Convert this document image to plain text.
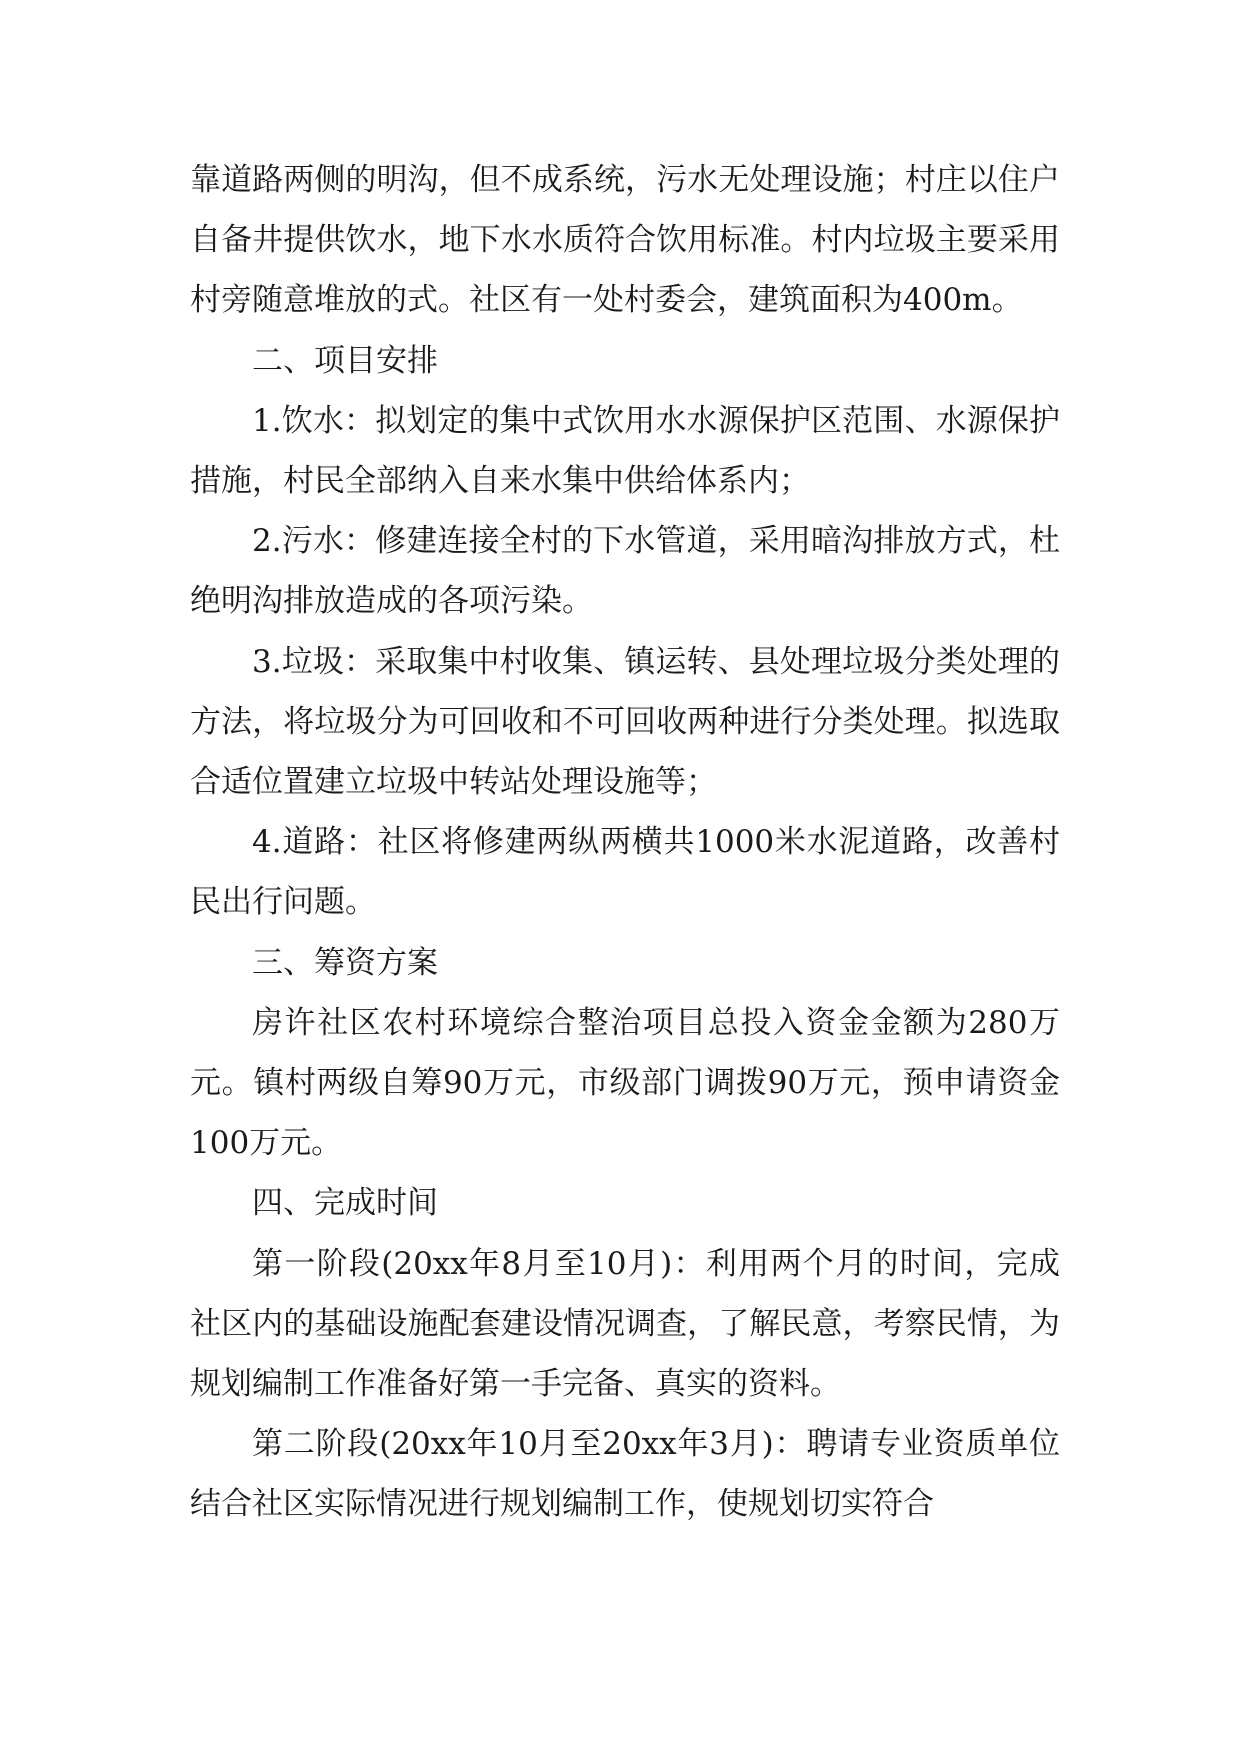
靠道路两侧的明沟，但不成系统，污水无处理设施；村庄以住户自备井提供饮水，地下水水质符合饮用标准。村内垃圾主要采用村旁随意堆放的式。社区有一处村委会，建筑面积为400m。

二、项目安排

1.饮水：拟划定的集中式饮用水水源保护区范围、水源保护措施，村民全部纳入自来水集中供给体系内；

2.污水：修建连接全村的下水管道，采用暗沟排放方式，杜绝明沟排放造成的各项污染。

3.垃圾：采取集中村收集、镇运转、县处理垃圾分类处理的方法，将垃圾分为可回收和不可回收两种进行分类处理。拟选取合适位置建立垃圾中转站处理设施等；

4.道路：社区将修建两纵两横共1000米水泥道路，改善村民出行问题。

三、筹资方案

房许社区农村环境综合整治项目总投入资金金额为280万元。镇村两级自筹90万元，市级部门调拨90万元，预申请资金100万元。

四、完成时间

第一阶段(20xx年8月至10月)：利用两个月的时间，完成社区内的基础设施配套建设情况调查，了解民意，考察民情，为规划编制工作准备好第一手完备、真实的资料。

第二阶段(20xx年10月至20xx年3月)：聘请专业资质单位结合社区实际情况进行规划编制工作，使规划切实符合
